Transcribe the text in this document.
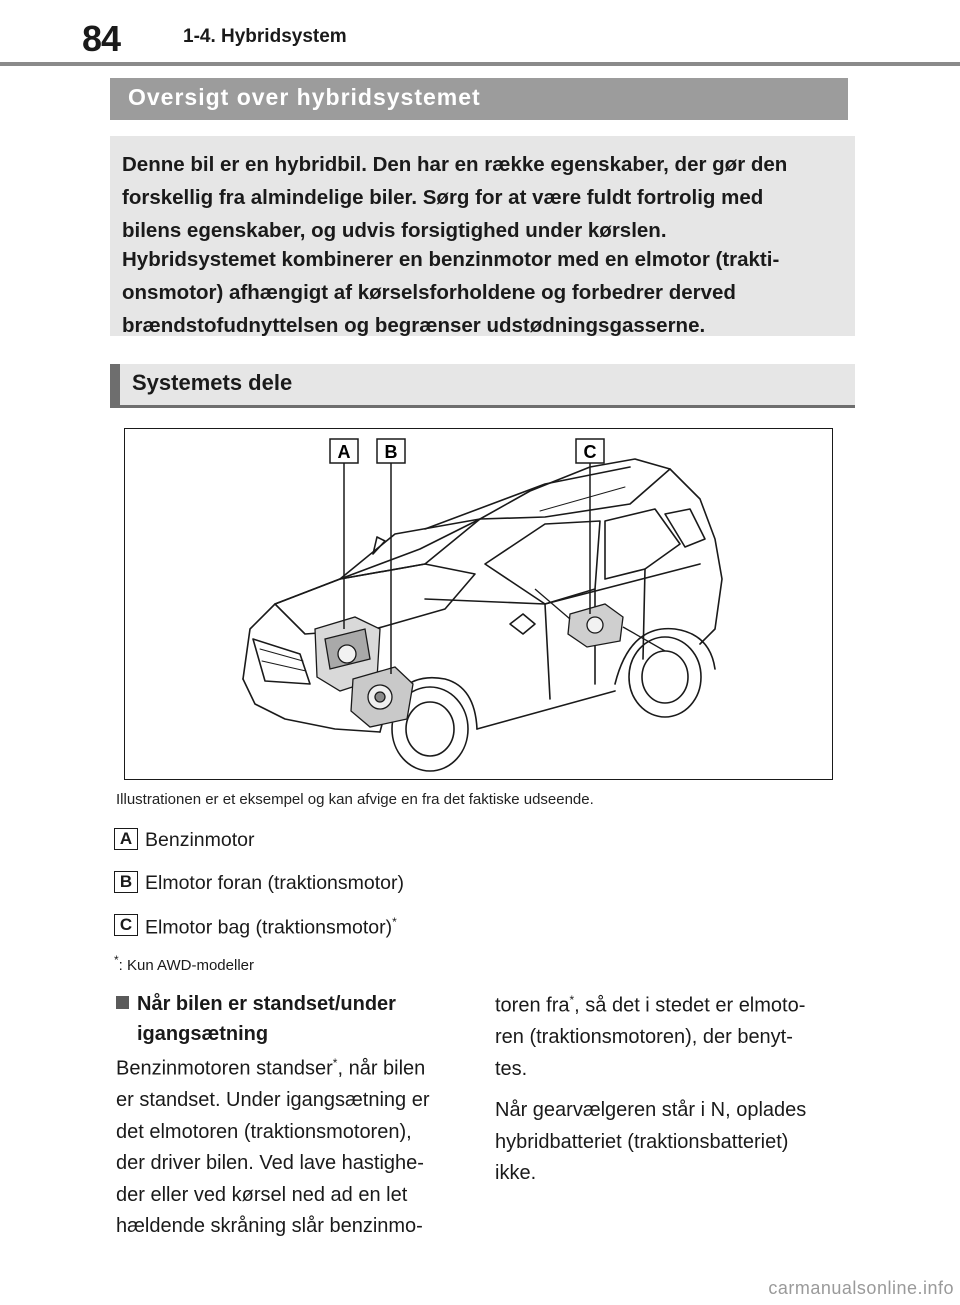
84	1-4. Hybridsystem
Oversigt over hybridsystemet

Denne bil er en hybridbil. Den har en række egenskaber, der gør den
forskellig fra almindelige biler. Sørg for at være fuldt fortrolig med
bilens egenskaber, og udvis forsigtighed under kørslen.

Hybridsystemet kombinerer en benzinmotor med en elmotor (trakti-
onsmotor) afhængigt af kørselsforholdene og forbedrer derved
brændstofudnyttelsen og begrænser udstødningsgasserne.

Systemets dele
A B	C
Illustrationen er et eksempel og kan afvige en fra det faktiske udseende.
A Benzinmotor
B Elmotor foran (traktionsmotor)
C Elmotor bag (traktionsmotor)*
*: Kun AWD-modeller
Når bilen er standset/under
igangsætning

Benzinmotoren standser*, når bilen
er standset. Under igangsætning er
det elmotoren (traktionsmotoren),
der driver bilen. Ved lave hastighe-
der eller ved kørsel ned ad en let
hældende skråning slår benzinmo-

toren fra*, så det i stedet er elmoto-
ren (traktionsmotoren), der benyt-
tes.

Når gearvælgeren står i N, oplades
hybridbatteriet (traktionsbatteriet)
ikke.

carmanualsonline.info
